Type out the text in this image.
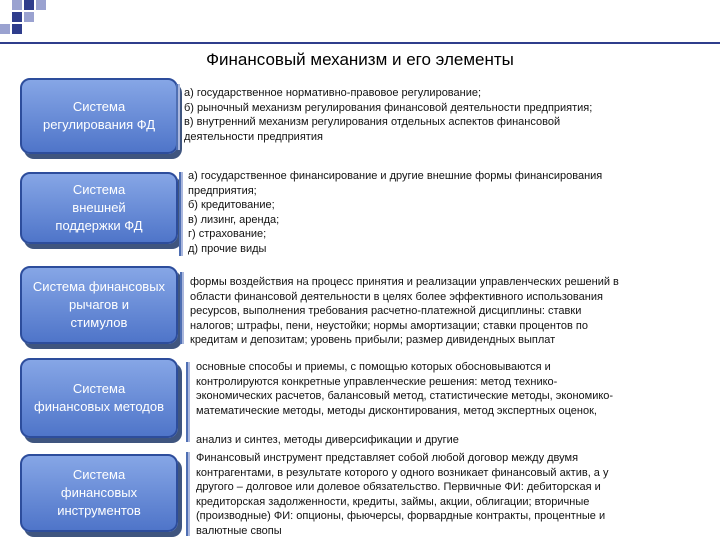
Финансовый механизм и его элементы
Система
регулирования ФД
а) государственное нормативно-правовое регулирование;
б) рыночный механизм регулирования финансовой деятельности предприятия;
в) внутренний механизм регулирования отдельных аспектов финансовой
деятельности предприятия
Система
внешней
поддержки ФД
а) государственное финансирование и другие внешние формы финансирования
предприятия;
б) кредитование;
в) лизинг, аренда;
г) страхование;
д) прочие виды
Система финансовых
рычагов и
стимулов
формы воздействия на процесс принятия и реализации управленческих решений в
области финансовой деятельности в целях более эффективного использования
ресурсов, выполнения требования расчетно-платежной дисциплины: ставки
налогов; штрафы, пени, неустойки; нормы амортизации; ставки процентов по
кредитам и депозитам; уровень прибыли; размер дивидендных выплат
Система
финансовых методов
основные способы и приемы, с помощью которых обосновываются и
контролируются конкретные управленческие решения: метод технико-
экономических расчетов, балансовый метод, статистические методы, экономико-
математические методы, методы дисконтирования, метод экспертных оценок,

анализ и синтез, методы диверсификации и другие
Система
финансовых
инструментов
Финансовый инструмент представляет собой любой договор между двумя
контрагентами, в результате которого у одного возникает финансовый актив, а у
другого – долговое или долевое обязательство. Первичные ФИ: дебиторская и
кредиторская задолженности, кредиты, займы, акции, облигации; вторичные
(производные) ФИ: опционы, фьючерсы, форвардные контракты, процентные и
валютные свопы
